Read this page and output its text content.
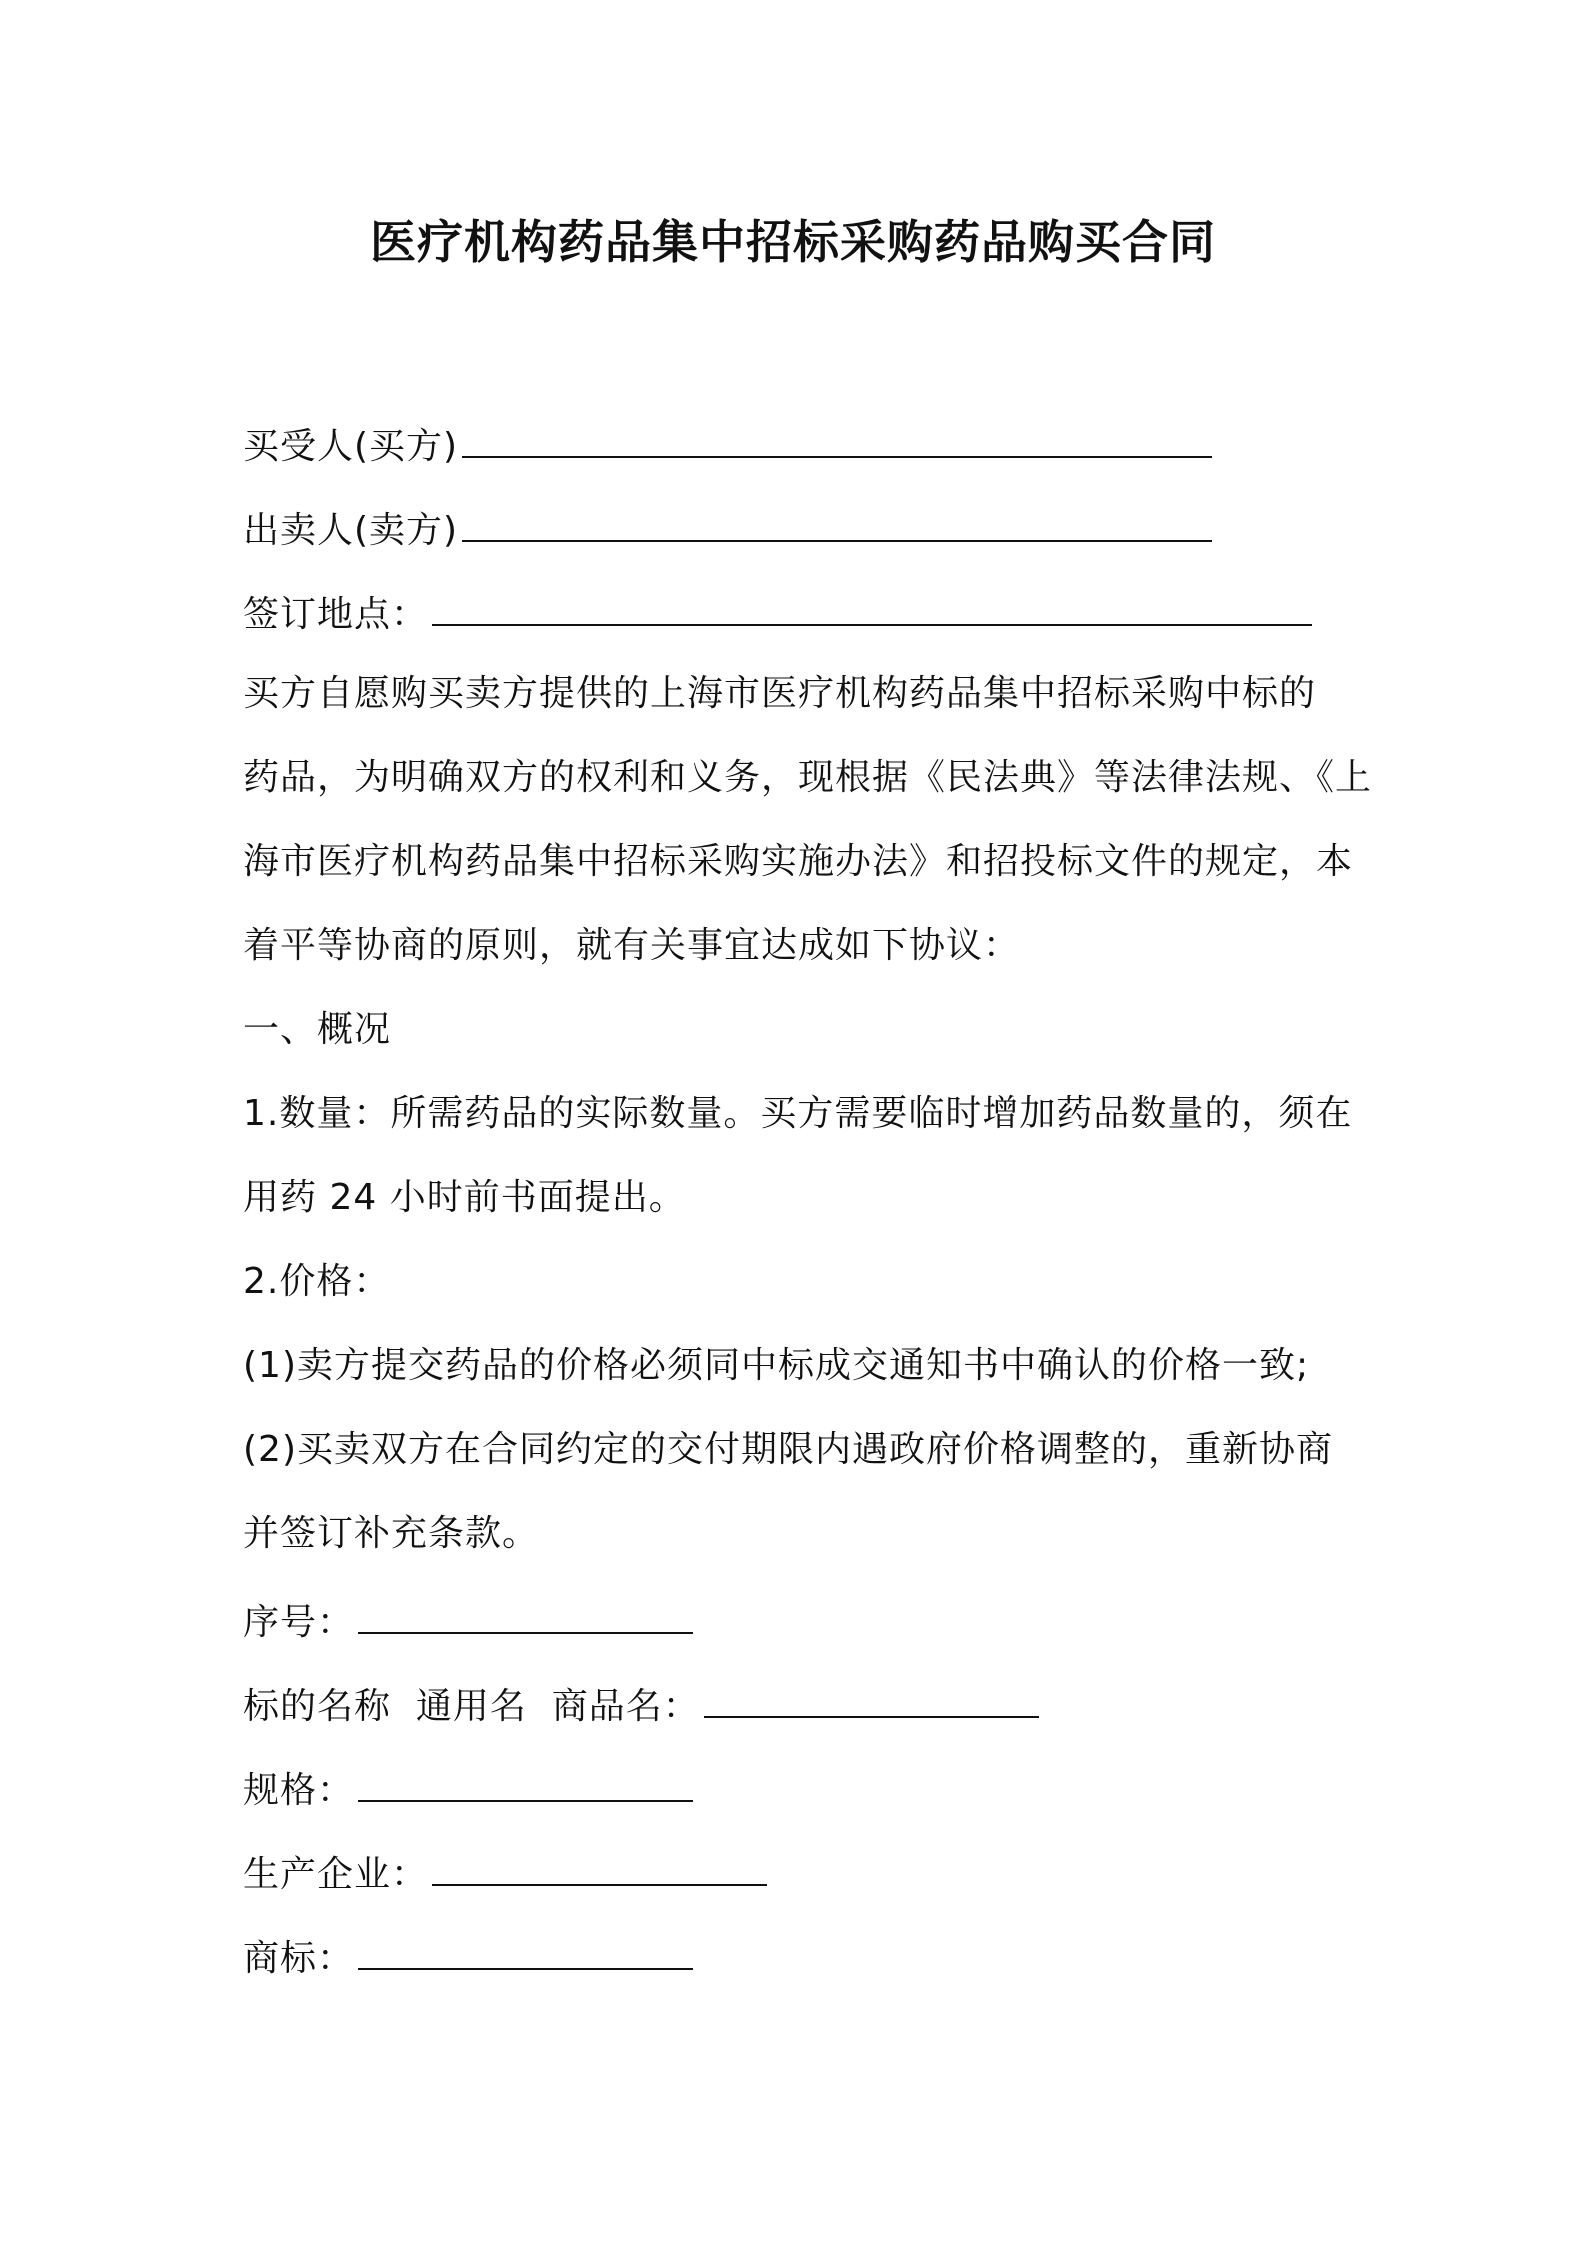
医疗机构药品集中招标采购药品购买合同
买受人(买方)
出卖人(卖方)
签订地点：
买方自愿购买卖方提供的上海市医疗机构药品集中招标采购中标的
药品，为明确双方的权利和义务，现根据《民法典》等法律法规、《上
海市医疗机构药品集中招标采购实施办法》和招投标文件的规定，本
着平等协商的原则，就有关事宜达成如下协议：
一、概况
1.数量：所需药品的实际数量。买方需要临时增加药品数量的，须在
用药 24 小时前书面提出。
2.价格：
(1)卖方提交药品的价格必须同中标成交通知书中确认的价格一致;
(2)买卖双方在合同约定的交付期限内遇政府价格调整的，重新协商
并签订补充条款。
序号：
标的名称  通用名  商品名：
规格：
生产企业：
商标：
